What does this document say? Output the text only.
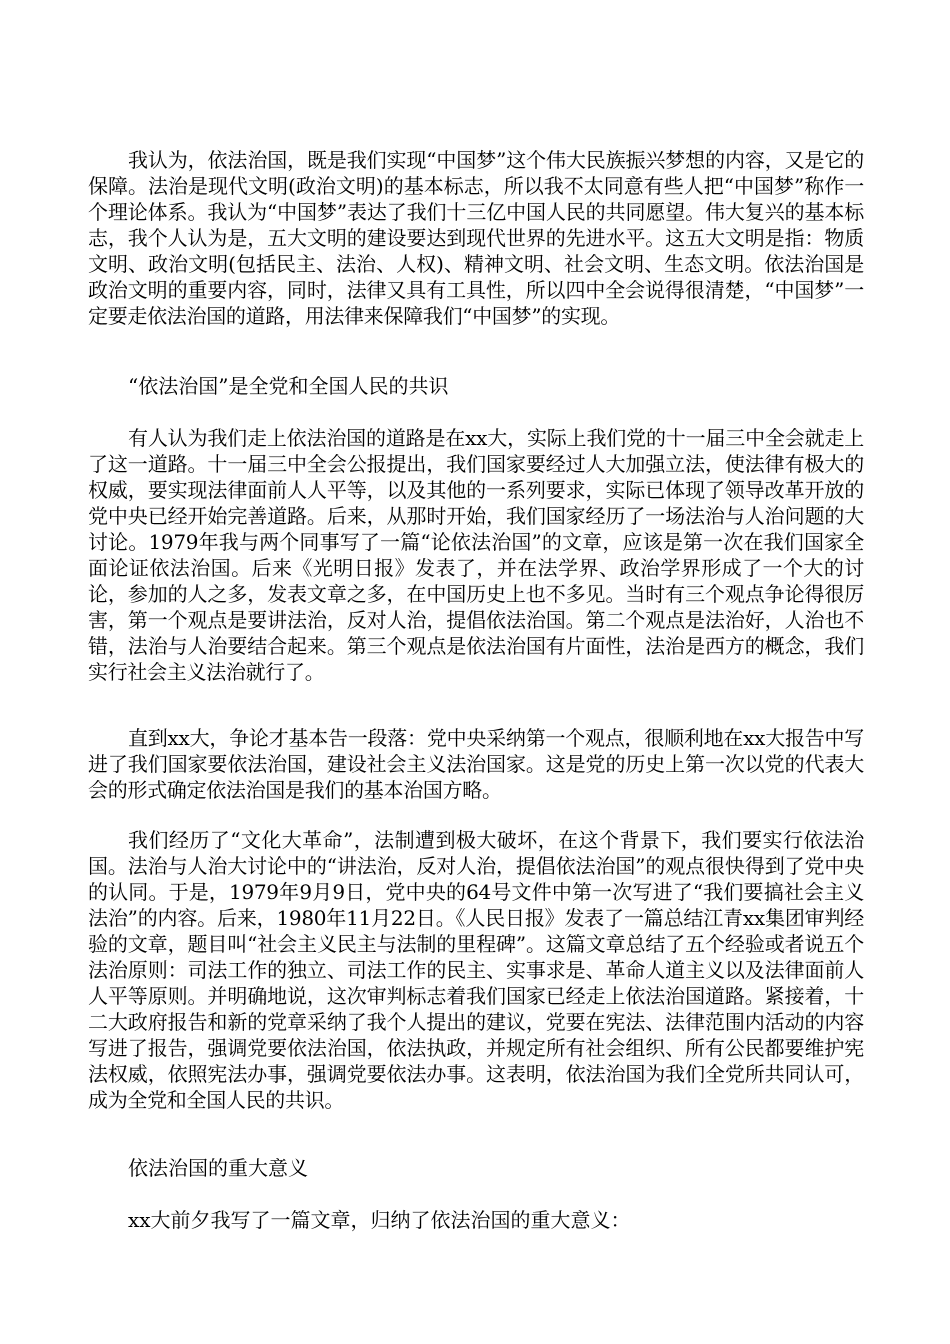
我认为，依法治国，既是我们实现“中国梦”这个伟大民族振兴梦想的内容，又是它的保障。法治是现代文明(政治文明)的基本标志，所以我不太同意有些人把“中国梦”称作一个理论体系。我认为“中国梦”表达了我们十三亿中国人民的共同愿望。伟大复兴的基本标志，我个人认为是，五大文明的建设要达到现代世界的先进水平。这五大文明是指：物质文明、政治文明(包括民主、法治、人权)、精神文明、社会文明、生态文明。依法治国是政治文明的重要内容，同时，法律又具有工具性，所以四中全会说得很清楚，“中国梦”一定要走依法治国的道路，用法律来保障我们“中国梦”的实现。

“依法治国”是全党和全国人民的共识

有人认为我们走上依法治国的道路是在xx大，实际上我们党的十一届三中全会就走上了这一道路。十一届三中全会公报提出，我们国家要经过人大加强立法，使法律有极大的权威，要实现法律面前人人平等，以及其他的一系列要求，实际已体现了领导改革开放的党中央已经开始完善道路。后来，从那时开始，我们国家经历了一场法治与人治问题的大讨论。1979年我与两个同事写了一篇“论依法治国”的文章，应该是第一次在我们国家全面论证依法治国。后来《光明日报》发表了，并在法学界、政治学界形成了一个大的讨论，参加的人之多，发表文章之多，在中国历史上也不多见。当时有三个观点争论得很厉害，第一个观点是要讲法治，反对人治，提倡依法治国。第二个观点是法治好，人治也不错，法治与人治要结合起来。第三个观点是依法治国有片面性，法治是西方的概念，我们实行社会主义法治就行了。

直到xx大，争论才基本告一段落：党中央采纳第一个观点，很顺利地在xx大报告中写进了我们国家要依法治国，建设社会主义法治国家。这是党的历史上第一次以党的代表大会的形式确定依法治国是我们的基本治国方略。

我们经历了“文化大革命”，法制遭到极大破坏，在这个背景下，我们要实行依法治国。法治与人治大讨论中的“讲法治，反对人治，提倡依法治国”的观点很快得到了党中央的认同。于是，1979年9月9日，党中央的64号文件中第一次写进了“我们要搞社会主义法治”的内容。后来，1980年11月22日。《人民日报》发表了一篇总结江青xx集团审判经验的文章，题目叫“社会主义民主与法制的里程碑”。这篇文章总结了五个经验或者说五个法治原则：司法工作的独立、司法工作的民主、实事求是、革命人道主义以及法律面前人人平等原则。并明确地说，这次审判标志着我们国家已经走上依法治国道路。紧接着，十二大政府报告和新的党章采纳了我个人提出的建议，党要在宪法、法律范围内活动的内容写进了报告，强调党要依法治国，依法执政，并规定所有社会组织、所有公民都要维护宪法权威，依照宪法办事，强调党要依法办事。这表明，依法治国为我们全党所共同认可，成为全党和全国人民的共识。

依法治国的重大意义

xx大前夕我写了一篇文章，归纳了依法治国的重大意义：
